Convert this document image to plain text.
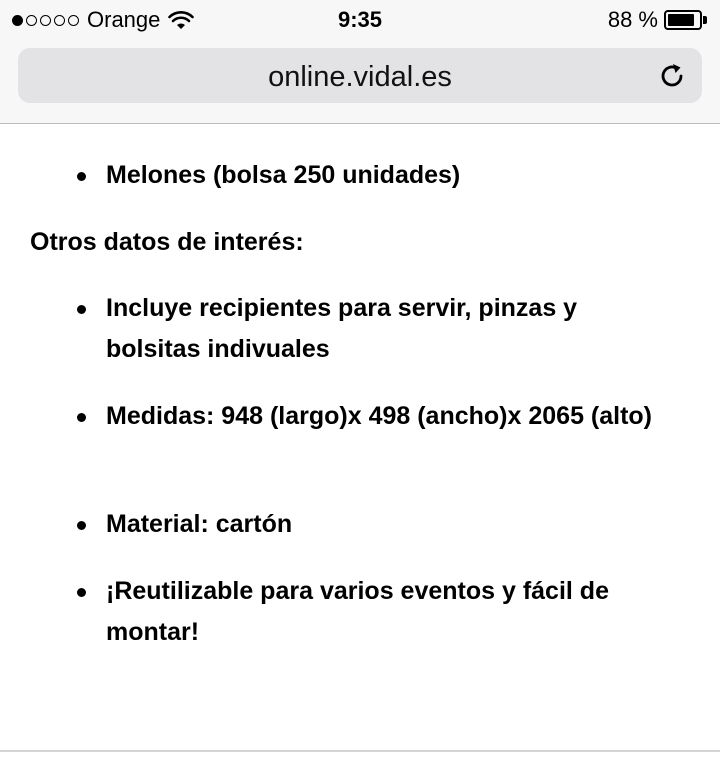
Orange	9:35	88 %
online.vidal.es
Melones (bolsa 250 unidades)
Otros datos de interés:
Incluye recipientes para servir, pinzas y bolsitas indivuales
Medidas: 948 (largo)x 498 (ancho)x 2065 (alto)
Material: cartón
¡Reutilizable para varios eventos y fácil de montar!
